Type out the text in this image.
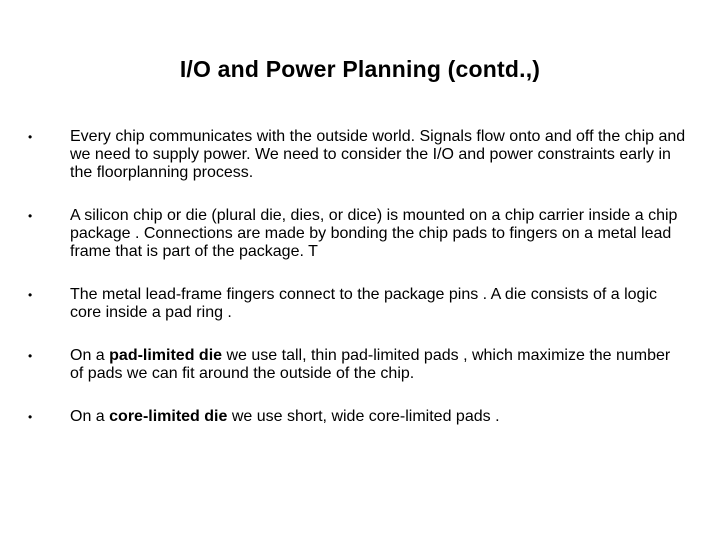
I/O and Power Planning (contd.,)
•	Every chip communicates with the outside world. Signals flow onto and off the chip and we need to supply power. We need to consider the I/O and power constraints early in the floorplanning process.
•	A silicon chip or die (plural die, dies, or dice) is mounted on a chip carrier inside a chip package . Connections are made by bonding the chip pads to fingers on a metal lead frame that is part of the package. T
•	The metal lead-frame fingers connect to the package pins . A die consists of a logic core inside a pad ring .
•	On a pad-limited die we use tall, thin pad-limited pads , which maximize the number of pads we can fit around the outside of the chip.
•	On a core-limited die we use short, wide core-limited pads .
